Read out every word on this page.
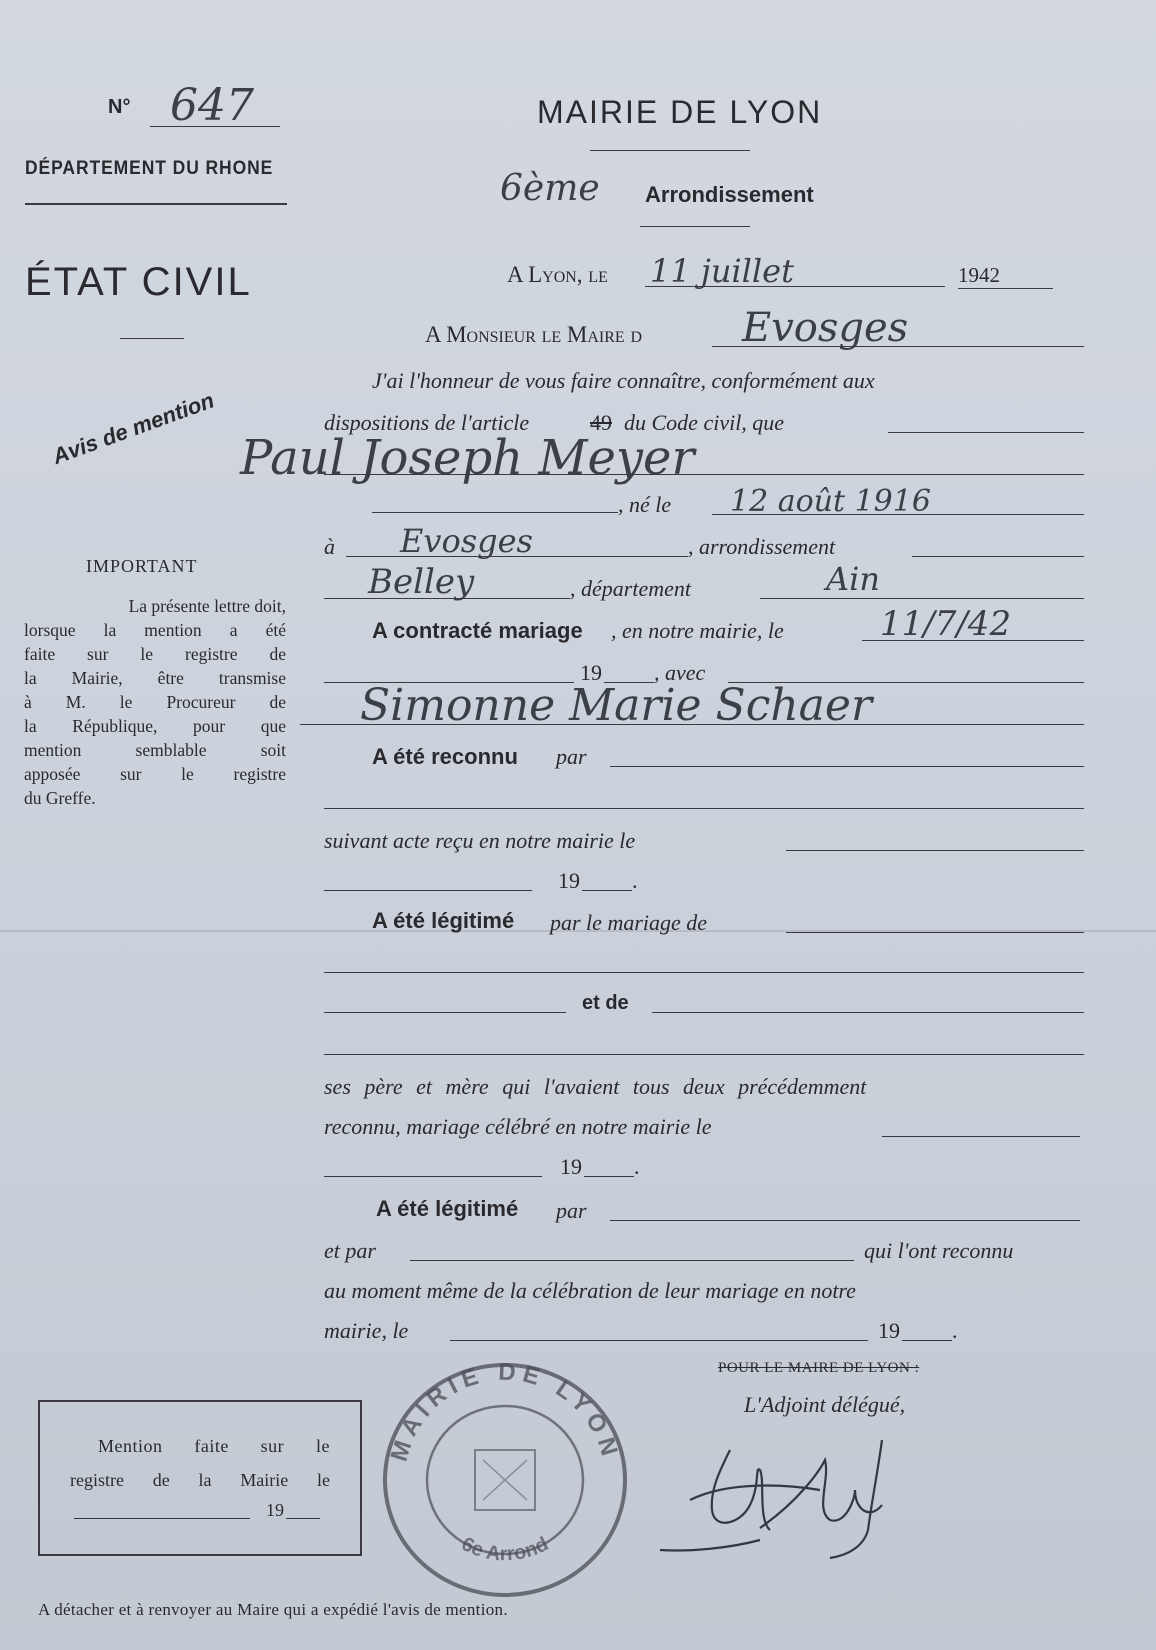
N° 647
DÉPARTEMENT DU RHONE
ÉTAT CIVIL
Avis de mention
IMPORTANT
La présente lettre doit,
lorsque la mention a été
faite sur le registre de
la Mairie, être transmise
à M. le Procureur de
la République, pour que
mention semblable soit
apposée sur le registre
du Greffe.
MAIRIE DE LYON
6ème Arrondissement
A Lyon, le 11 juillet	1942
A Monsieur le Maire d Evosges
J'ai l'honneur de vous faire connaître, conformément aux
dispositions de l'article	49 du Code civil, que
Paul Joseph Meyer
, né le 12 août 1916
à Evosges	, arrondissement
Belley	, département	Ain
A contracté mariage , en notre mairie, le	11/7/42
19 , avec
Simonne Marie Schaer
A été reconnu par
suivant acte reçu en notre mairie le
19 .
A été légitimé par le mariage de
et de
ses père et mère qui l'avaient tous deux précédemment
reconnu, mariage célébré en notre mairie le
19 .
A été légitimé par
et par	qui l'ont reconnu
au moment même de la célébration de leur mariage en notre
mairie, le	19 .
POUR LE MAIRE DE LYON :
L'Adjoint délégué,
MAIRIE DE LYON
6e Arrond
Mention faite sur le
registre de la Mairie le
19
A détacher et à renvoyer au Maire qui a expédié l'avis de mention.
